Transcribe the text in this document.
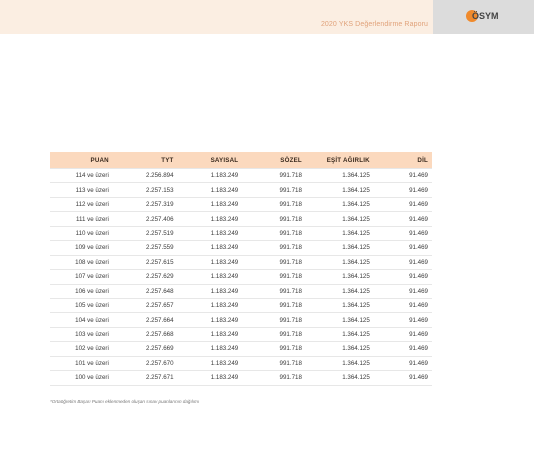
2020 YKS Değerlendirme Raporu
ÖSYM
PUAN	TYT	SAYISAL	SÖZEL	EŞİT AĞIRLIK	DİL
114 ve üzeri	2.256.894	1.183.249	991.718	1.364.125	91.469
113 ve üzeri	2.257.153	1.183.249	991.718	1.364.125	91.469
112 ve üzeri	2.257.319	1.183.249	991.718	1.364.125	91.469
111 ve üzeri	2.257.406	1.183.249	991.718	1.364.125	91.469
110 ve üzeri	2.257.519	1.183.249	991.718	1.364.125	91.469
109 ve üzeri	2.257.559	1.183.249	991.718	1.364.125	91.469
108 ve üzeri	2.257.615	1.183.249	991.718	1.364.125	91.469
107 ve üzeri	2.257.629	1.183.249	991.718	1.364.125	91.469
106 ve üzeri	2.257.648	1.183.249	991.718	1.364.125	91.469
105 ve üzeri	2.257.657	1.183.249	991.718	1.364.125	91.469
104 ve üzeri	2.257.664	1.183.249	991.718	1.364.125	91.469
103 ve üzeri	2.257.668	1.183.249	991.718	1.364.125	91.469
102 ve üzeri	2.257.669	1.183.249	991.718	1.364.125	91.469
101 ve üzeri	2.257.670	1.183.249	991.718	1.364.125	91.469
100 ve üzeri	2.257.671	1.183.249	991.718	1.364.125	91.469
*Ortaöğretim Başarı Puanı eklenmeden oluşan sınav puanlarının dağılımı
